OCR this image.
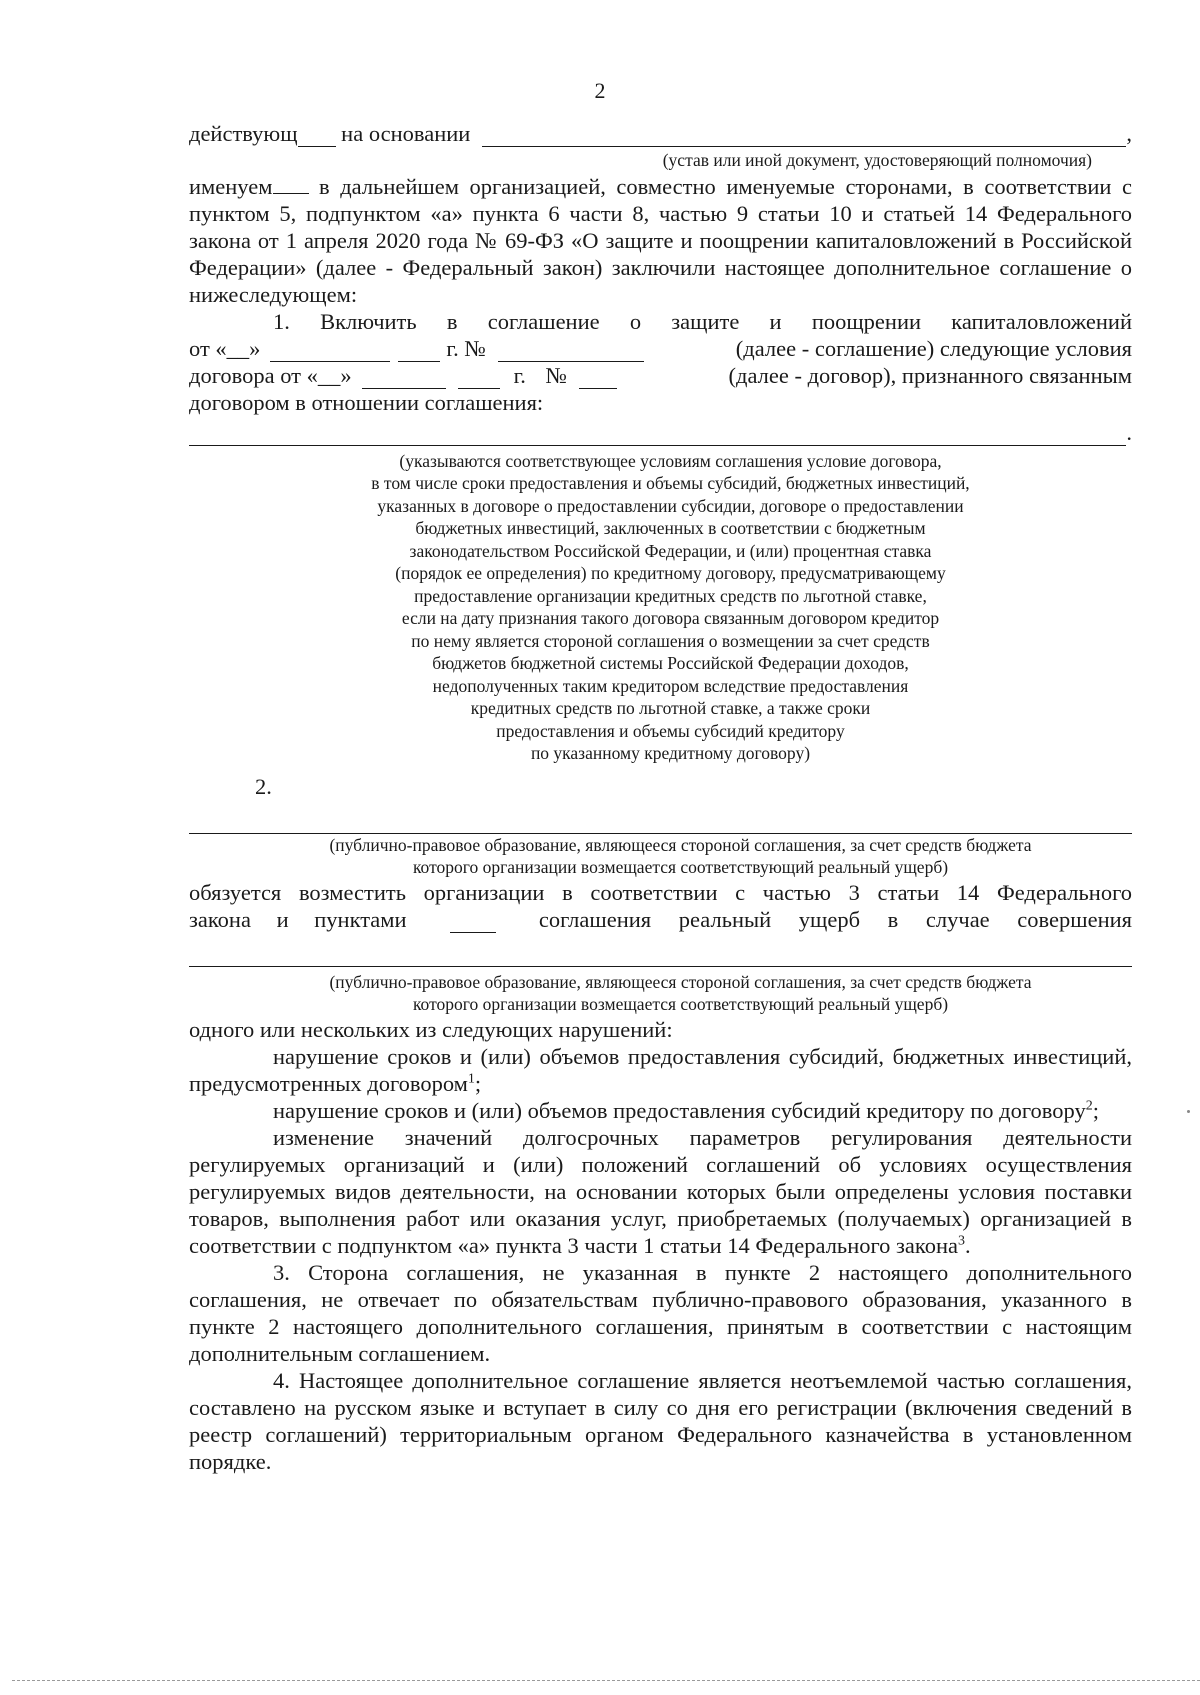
2
действующ на основании	,

(устав или иной документ, удостоверяющий полномочия)

именуем в дальнейшем организацией, совместно именуемые сторонами, в соответствии с пунктом 5, подпунктом «а» пункта 6 части 8, частью 9 статьи 10 и статьей 14 Федерального закона от 1 апреля 2020 года № 69-ФЗ «О защите и поощрении капиталовложений в Российской Федерации» (далее - Федеральный закон) заключили настоящее дополнительное соглашение о нижеследующем:

1. Включить в соглашение о защите и поощрении капиталовложений

от «__»	г. №	(далее - соглашение) следующие условия
договора от «__»	г. №	(далее - договор), признанного связанным

договором в отношении соглашения:

.

(указываются соответствующее условиям соглашения условие договора,

в том числе сроки предоставления и объемы субсидий, бюджетных инвестиций,

указанных в договоре о предоставлении субсидии, договоре о предоставлении

бюджетных инвестиций, заключенных в соответствии с бюджетным

законодательством Российской Федерации, и (или) процентная ставка

(порядок ее определения) по кредитному договору, предусматривающему

предоставление организации кредитных средств по льготной ставке,

если на дату признания такого договора связанным договором кредитор

по нему является стороной соглашения о возмещении за счет средств

бюджетов бюджетной системы Российской Федерации доходов,

недополученных таким кредитором вследствие предоставления

кредитных средств по льготной ставке, а также сроки

предоставления и объемы субсидий кредитору

по указанному кредитному договору)

2.

(публично-правовое образование, являющееся стороной соглашения, за счет средств бюджета

которого организации возмещается соответствующий реальный ущерб)

обязуется возместить организации в соответствии с частью 3 статьи 14 Федерального

закона и пунктами	соглашения реальный ущерб в случае совершения

(публично-правовое образование, являющееся стороной соглашения, за счет средств бюджета

которого организации возмещается соответствующий реальный ущерб)

одного или нескольких из следующих нарушений:

нарушение сроков и (или) объемов предоставления субсидий, бюджетных инвестиций, предусмотренных договором$^1$;

нарушение сроков и (или) объемов предоставления субсидий кредитору по договору$^2$;

изменение значений долгосрочных параметров регулирования деятельности регулируемых организаций и (или) положений соглашений об условиях осуществления регулируемых видов деятельности, на основании которых были определены условия поставки товаров, выполнения работ или оказания услуг, приобретаемых (получаемых) организацией в соответствии с подпунктом «а» пункта 3 части 1 статьи 14 Федерального закона$^3$.

3. Сторона соглашения, не указанная в пункте 2 настоящего дополнительного соглашения, не отвечает по обязательствам публично-правового образования, указанного в пункте 2 настоящего дополнительного соглашения, принятым в соответствии с настоящим дополнительным соглашением.

4. Настоящее дополнительное соглашение является неотъемлемой частью соглашения, составлено на русском языке и вступает в силу со дня его регистрации (включения сведений в реестр соглашений) территориальным органом Федерального казначейства в установленном порядке.
